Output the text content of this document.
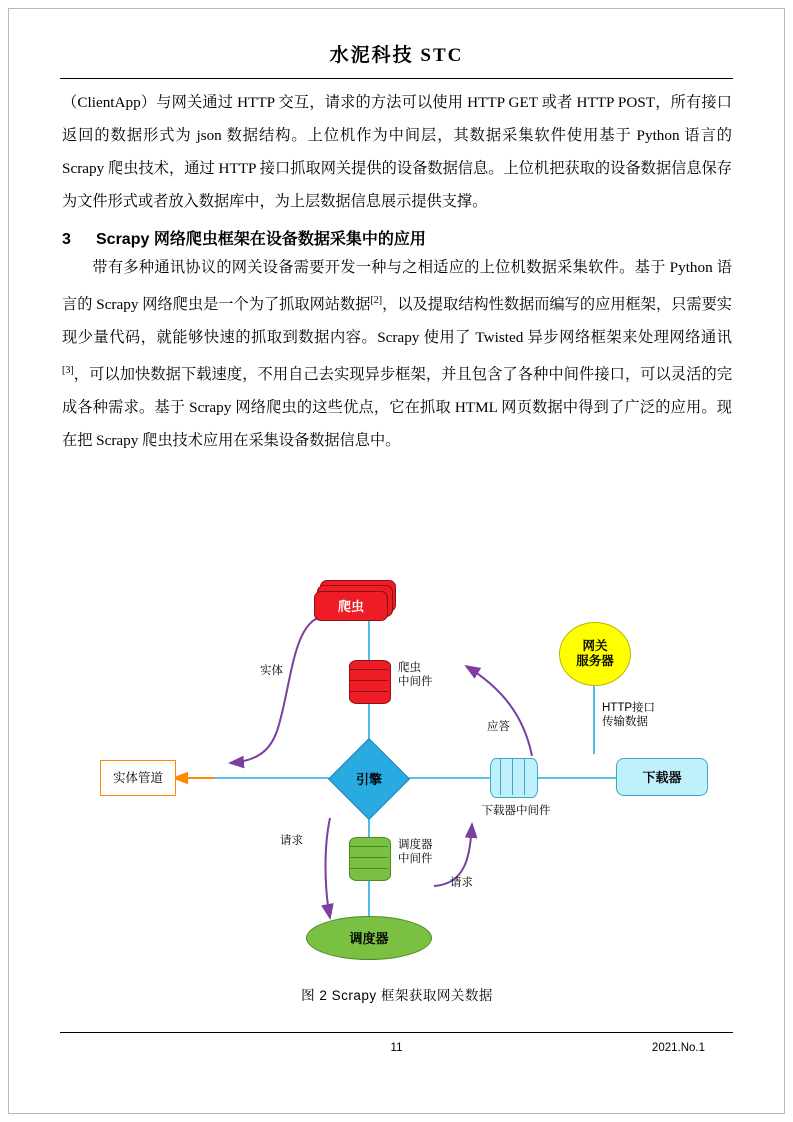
水泥科技 STC

（ClientApp）与网关通过 HTTP 交互，请求的方法可以使用 HTTP GET 或者 HTTP POST，所有接口返回的数据形式为 json 数据结构。上位机作为中间层，其数据采集软件使用基于 Python 语言的 Scrapy 爬虫技术，通过 HTTP 接口抓取网关提供的设备数据信息。上位机把获取的设备数据信息保存为文件形式或者放入数据库中，为上层数据信息展示提供支撑。

3	Scrapy 网络爬虫框架在设备数据采集中的应用

带有多种通讯协议的网关设备需要开发一种与之相适应的上位机数据采集软件。基于 Python 语言的 Scrapy 网络爬虫是一个为了抓取网站数据[2]，以及提取结构性数据而编写的应用框架，只需要实现少量代码，就能够快速的抓取到数据内容。Scrapy 使用了 Twisted 异步网络框架来处理网络通讯[3]，可以加快数据下载速度，不用自己去实现异步框架，并且包含了各种中间件接口，可以灵活的完成各种需求。基于 Scrapy 网络爬虫的这些优点，它在抓取 HTML 网页数据中得到了广泛的应用。现在把 Scrapy 爬虫技术应用在采集设备数据信息中。

爬虫
爬虫
中间件
实体管道	引擎
下载器中间件
下载器
网关
服务器
HTTP接口
传输数据
调度器
中间件
调度器
实体
请求
请求
应答
图 2 Scrapy 框架获取网关数据
11	2021.No.1
